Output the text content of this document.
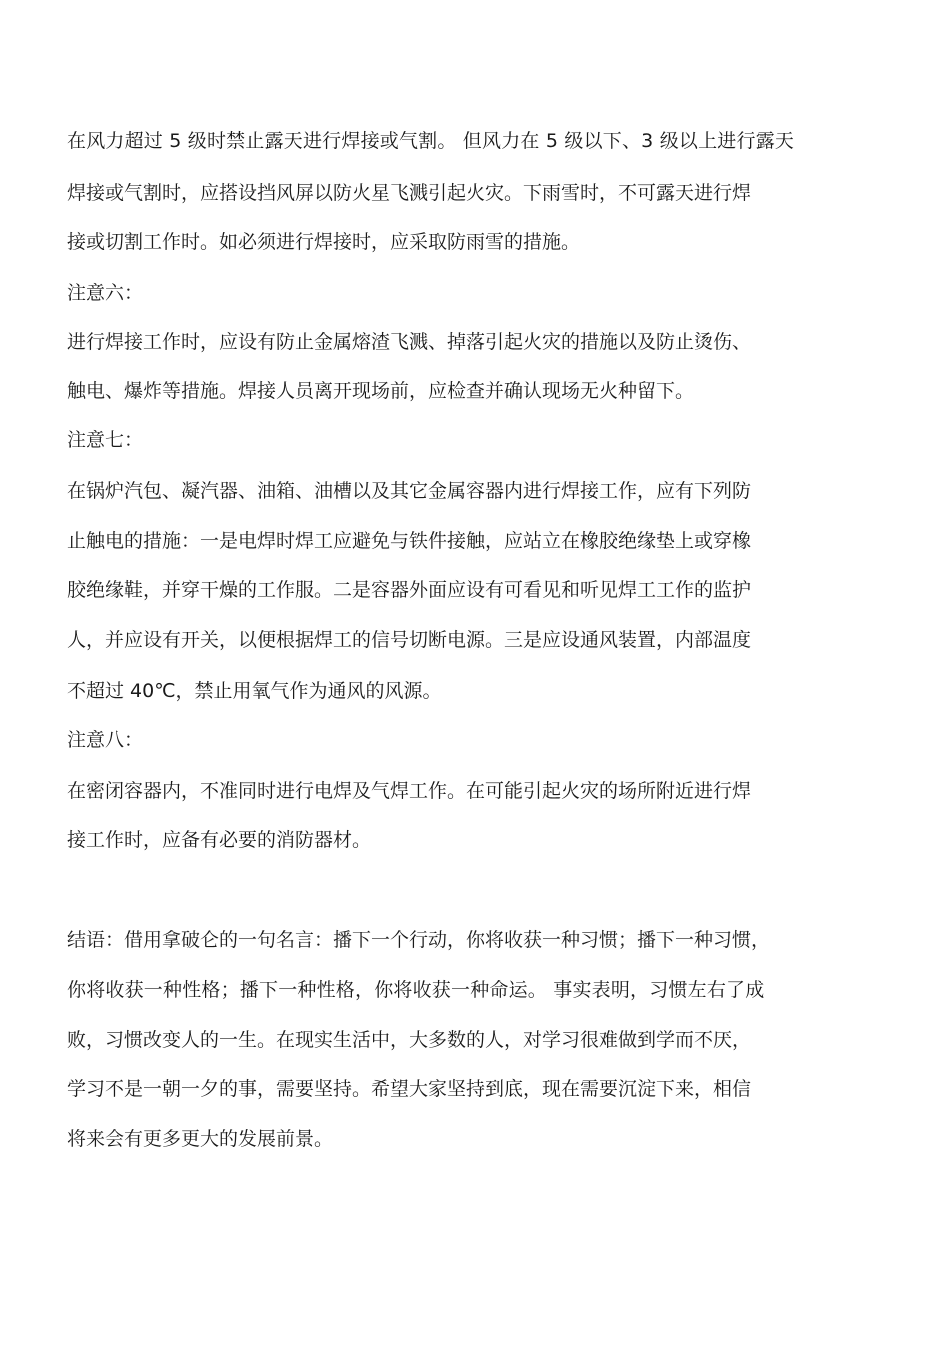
在风力超过 5 级时禁止露天进行焊接或气割。 但风力在 5 级以下、3 级以上进行露天
焊接或气割时，应搭设挡风屏以防火星飞溅引起火灾。下雨雪时，不可露天进行焊
接或切割工作时。如必须进行焊接时，应采取防雨雪的措施。
注意六：
进行焊接工作时，应设有防止金属熔渣飞溅、掉落引起火灾的措施以及防止烫伤、
触电、爆炸等措施。焊接人员离开现场前，应检查并确认现场无火种留下。
注意七：
在锅炉汽包、凝汽器、油箱、油槽以及其它金属容器内进行焊接工作，应有下列防
止触电的措施：一是电焊时焊工应避免与铁件接触，应站立在橡胶绝缘垫上或穿橡
胶绝缘鞋，并穿干燥的工作服。二是容器外面应设有可看见和听见焊工工作的监护
人，并应设有开关，以便根据焊工的信号切断电源。三是应设通风装置，内部温度
不超过 40℃，禁止用氧气作为通风的风源。
注意八：
在密闭容器内，不准同时进行电焊及气焊工作。在可能引起火灾的场所附近进行焊
接工作时，应备有必要的消防器材。
结语：借用拿破仑的一句名言：播下一个行动，你将收获一种习惯；播下一种习惯，
你将收获一种性格；播下一种性格，你将收获一种命运。 事实表明，习惯左右了成
败，习惯改变人的一生。在现实生活中，大多数的人，对学习很难做到学而不厌，
学习不是一朝一夕的事，需要坚持。希望大家坚持到底，现在需要沉淀下来，相信
将来会有更多更大的发展前景。
